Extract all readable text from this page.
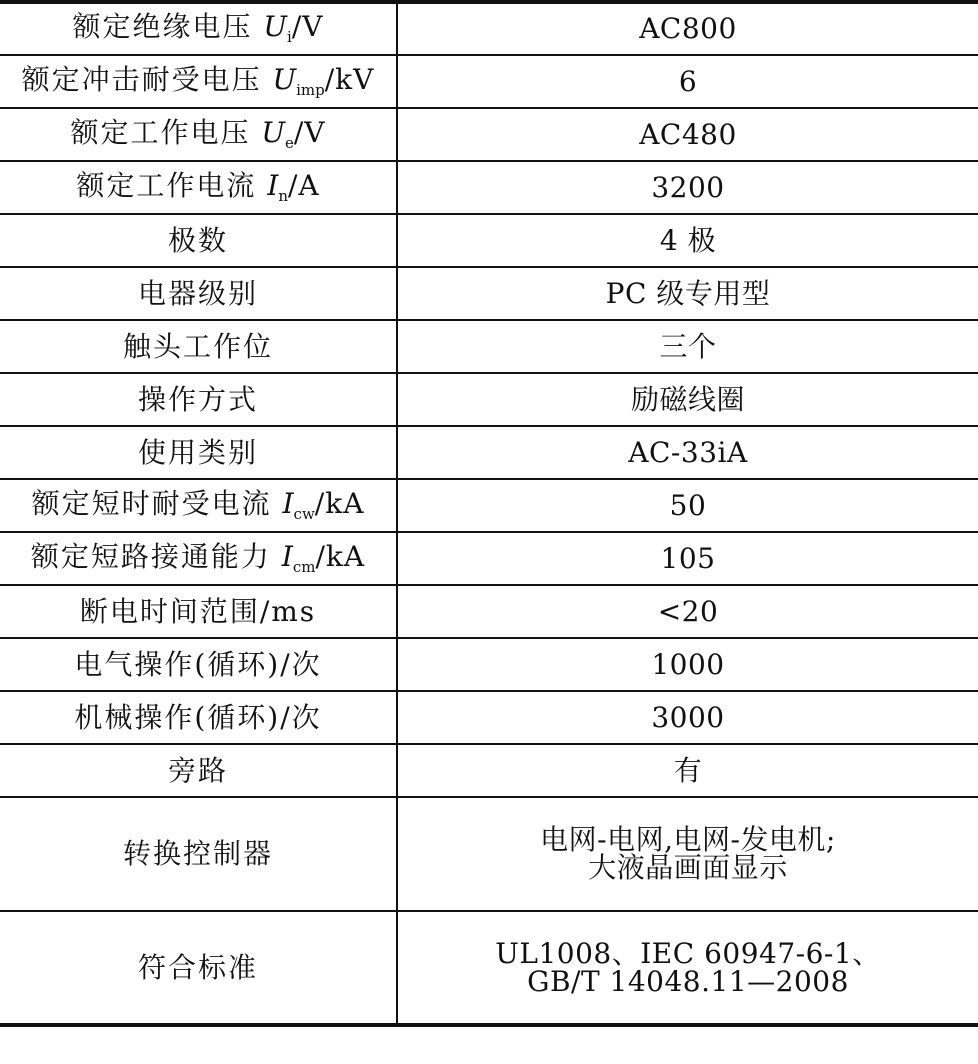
额定绝缘电压 $U_i/V$	AC800
额定冲击耐受电压 $U_{imp}/kV$	6
额定工作电压 $U_e/V$	AC480
额定工作电流 $I_n/A$	3200
极数	4 极
电器级别	PC 级专用型
触头工作位	三个
操作方式	励磁线圈
使用类别	AC-33iA
额定短时耐受电流 $I_{cw}/kA$	50
额定短路接通能力 $I_{cm}/kA$	105
断电时间范围/ms	<20
电气操作(循环)/次	1000
机械操作(循环)/次	3000
旁路	有
转换控制器	电网-电网,电网-发电机;
大液晶画面显示

符合标准	UL1008、IEC 60947-6-1、
GB/T 14048.11—2008
